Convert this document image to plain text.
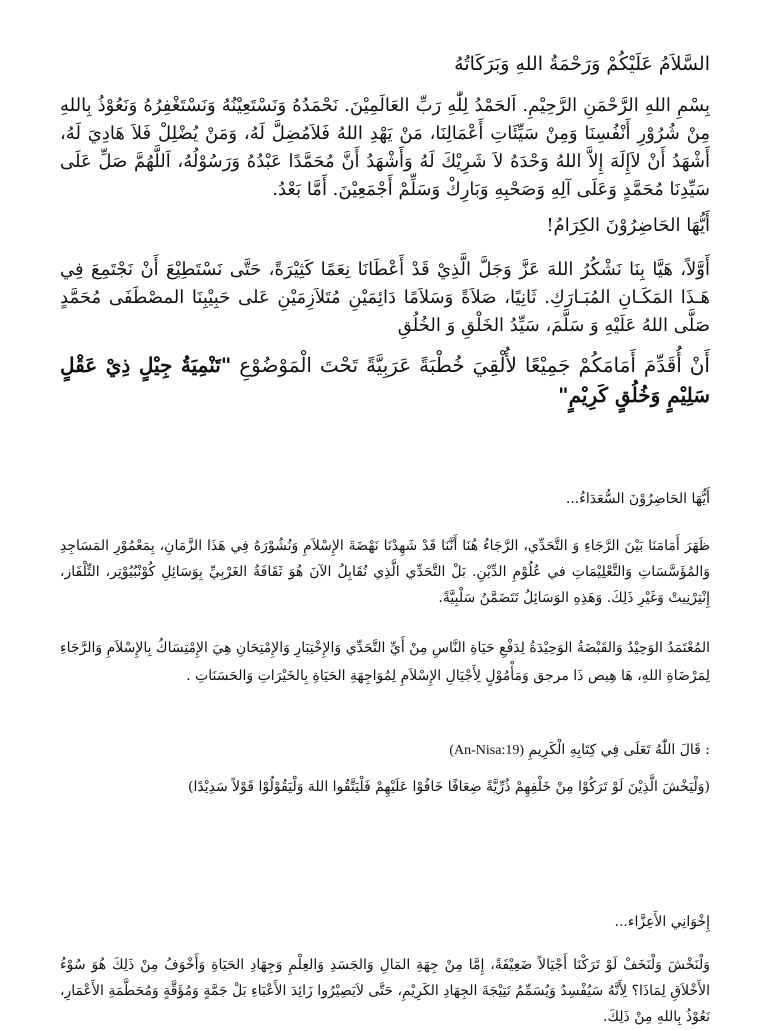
السَّلاَمُ عَلَيْكُمْ وَرَحْمَةُ اللهِ وَبَرَكَاتُهُ

بِسْمِ اللهِ الرَّحْمَنِ الرَّحِيْمِ. اَلحَمْدُ لِلّٰهِ رَبِّ العَالَمِيْنَ. نَحْمَدُهُ وَنَسْتَعِيْنُهُ وَنَسْتَغْفِرُهُ وَنَعُوْذُ بِاللهِ مِنْ شُرُوْرِ أَنْفُسِنَا وَمِنْ سَيِّئَاتِ أَعْمَالِنَا، مَنْ يَهْدِ اللهُ فَلاَمُضِلَّ لَهُ، وَمَنْ يُضْلِلْ فَلاَ هَادِيَ لَهُ، أَشْهَدُ أَنْ لاَإِلَهَ إِلاَّ اللهُ وَحْدَهُ لاَ شَرِيْكَ لَهُ وَأَشْهَدُ أَنَّ مُحَمَّدًا عَبْدُهُ وَرَسُوْلُهُ، اَللَّهُمَّ صَلِّ عَلَى سَيِّدِنَا مُحَمَّدٍ وَعَلَى آلِهِ وَصَحْبِهِ وَبَارِكْ وَسَلِّمْ أَجْمَعِيْنَ. أَمَّا بَعْدُ.

أَيُّهَا الحَاضِرُوْنَ الكِرَامُ!

أَوَّلاً، هَيَّا بِنَا نَشْكُرُ اللهَ عَزَّ وَجَلَّ الَّذِيْ قَدْ أَعْطَانَا نِعَمًا كَثِيْرَةً، حَتَّى نَسْتَطِيْعَ أَنْ نَجْتَمِعَ فِي هَـذَا المَكَـانِ المُبَـارَكِ. ثَانِيًا، صَلاَةً وَسَلاَمًا دَائِمَيْنِ مُتَلاَزِمَيْنِ عَلى حَبِيْبِنَا المصْطَفَى مُحَمَّدٍ صَلَّى اللهُ عَلَيْهِ وَ سَلَّمَ، سَيِّدُ الخَلْقِ وَ الخُلُقِ

أَنْ أُقَدِّمَ أَمَامَكُمْ جَمِيْعًا لأُلْقِيَ خُطْبَةً عَرَبِيَّةً تَحْتَ الْمَوْضُوْعِ "تَنْمِيَةُ جِيْلٍ ذِيْ عَقْلٍ سَلِيْمٍ وَخُلُقٍ كَرِيْمٍ"

أَيُّهَا الحَاضِرُوْنَ السُّعَدَاءُ...

ظَهَرَ أَمَامَنَا بَيْنَ الرَّجَاءِ وَ التَّحَدِّي، الرَّجَاءُ هُنَا أَنَّنَا قَدْ شَهِدْنَا نَهْضَةَ الإِسْلاَمِ وَنُشُوْرَهُ فِي هَذَا الزَّمَانِ، بِمَعْمُوْرِ المَسَاجِدِ وَالمُؤَسَّسَاتِ وَالتَّعْلِيْمَاتِ في عُلُوْمِ الدِّيْنِ. بَلْ التَّحَدِّي الَّذِي نُقَابِلُ الآنَ هُوَ ثَقَافَةُ الغَرْبِيِّ بِوَسَائِلِ كُوْنْبُيُوْتِر، التِّلْفَاز، إِنْتِرْنِيتْ وَغَيْرِ ذَلِكَ. وَهَذِهِ الوَسَائِلُ تَتَضَمَّنُ سَلْبِيَّةً.

المُعْتَمَدُ الوَحِيْدُ وَالقَبْضَةُ الوَحِيْدَةُ لِدَفْعِ حَيَاةِ النَّاسِ مِنْ أَيِّ التَّحَدِّي وَالإِخْتِبَارِ وَالإِمْتِحَانِ هِيَ الإِمْتِسَاكُ بِالإِسْلاَمِ وَالرَّجَاءِ لِمَرْضَاةِ اللهِ، هَا هِيص ذَا مرجق وَمَأْمُوْلٍ لِأَجْيَالِ الإِسْلاَمِ لِمُوَاجِهَةِ الحَيَاةِ بِالخَيْرَاتِ وَالحَسَنَاتِ .

: قَالَ اللّٰهُ تَعَلَى فِي كِتَابِهِ الْكَرِيمِ (An-Nisa:19)

(وَلْيَخْشَ الَّذِيْنَ لَوْ تَرَكُوْا مِنْ خَلْفِهِمْ ذُرِّيَّةً ضِعَافًا خَافُوْا عَلَيْهِمْ فَلْيَتَّقُوا اللهَ وَلْيَقُوْلُوْا قَوْلاً سَدِيْدًا)

إِخْوَانِي الأَعِزَّاء...

وَلْنَخْشَ وَلْنَخَفْ لَوْ تَرَكْنَا أَجْيَالاً ضَعِيْفَةً، إِمَّا مِنْ جِهَةِ المَالِ وَالجَسَدِ وَالعِلْمِ وَجِهَادِ الحَيَاةِ وَأَخْوَفُ مِنْ ذَلِكَ هُوَ سُوْءُ الأَخْلاَقِ لِمَاذَا؟ لِأَنَّهُ سَيُفْسِدُ وَيُسَمِّمُ نَتِيْجَةَ الجِهَادِ الكَرِيْمِ، حَتَّى لاَيَصِيْرُوا زَائِدَ الأَعْبَاءِ بَلْ جَمَّةٍ وَمُؤَقَّةٍ وَمُحَطَّمَةِ الأَعْمَارِ، نَعُوْذُ بِاللهِ مِنْ ذَلِكَ.
